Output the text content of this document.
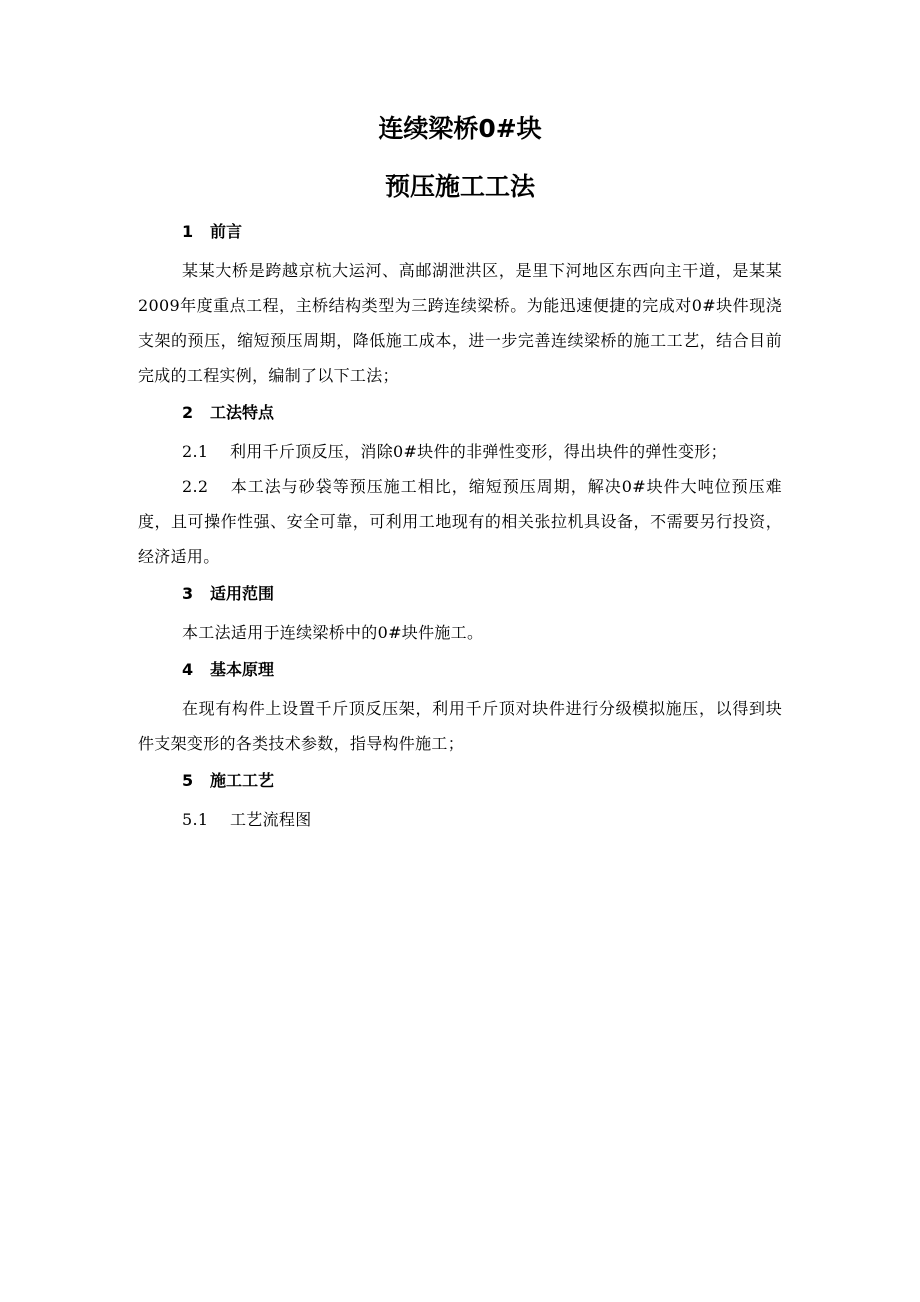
连续梁桥0#块
预压施工工法

1 前言

某某大桥是跨越京杭大运河、高邮湖泄洪区，是里下河地区东西向主干道，是某某2009年度重点工程，主桥结构类型为三跨连续梁桥。为能迅速便捷的完成对0#块件现浇支架的预压，缩短预压周期，降低施工成本，进一步完善连续梁桥的施工工艺，结合目前完成的工程实例，编制了以下工法；

2 工法特点

2.1 利用千斤顶反压，消除0#块件的非弹性变形，得出块件的弹性变形；

2.2 本工法与砂袋等预压施工相比，缩短预压周期，解决0#块件大吨位预压难度，且可操作性强、安全可靠，可利用工地现有的相关张拉机具设备，不需要另行投资，经济适用。

3 适用范围

本工法适用于连续梁桥中的0#块件施工。

4 基本原理

在现有构件上设置千斤顶反压架，利用千斤顶对块件进行分级模拟施压，以得到块件支架变形的各类技术参数，指导构件施工；

5 施工工艺

5.1 工艺流程图
